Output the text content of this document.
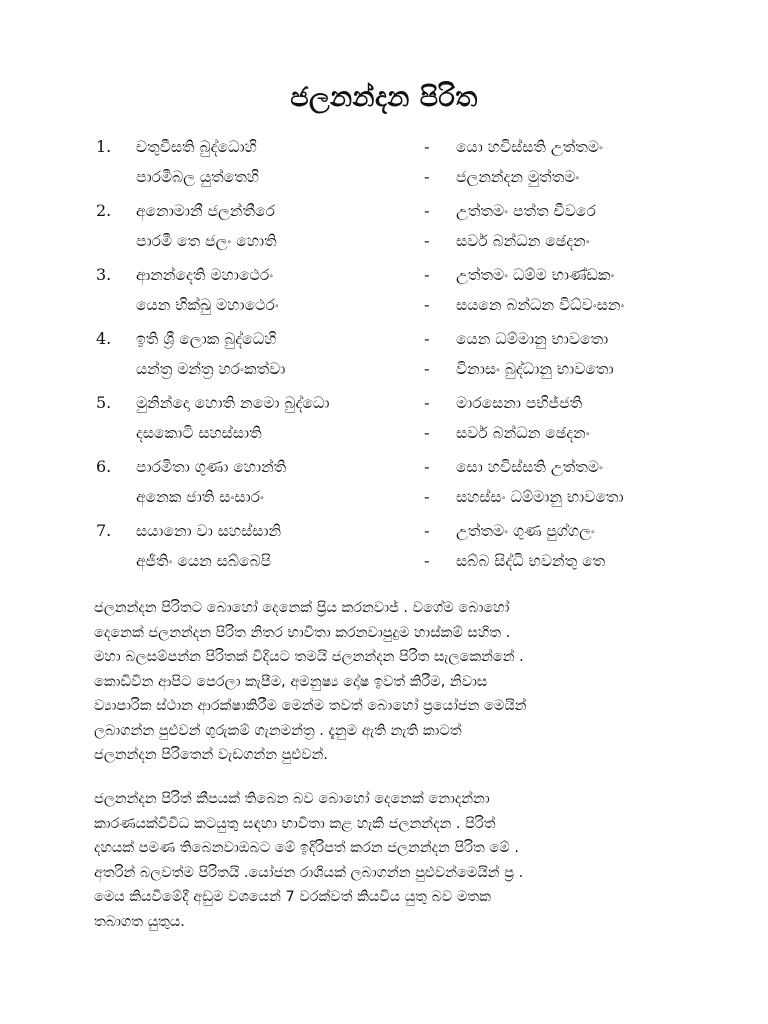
ජලනන්දන පිරිත
1.	චතුවීසති බුද්ධොහි	-	යො හවිස්සති උත්තමං
පාරමීබල යුත්තෙහි	-	ජලනන්දන මුත්තමං
2.	අනොමානී ජලන්තීරෙ	-	උත්තමං පත්ත චීවරෙ
පාරමී තෙ ජලං හොති	-	සර්ව බන්ධන ඡෙදනං
3.	ආනන්දෙති මහාථෙරං	-	උත්තමං ධම්ම භාණ්ඩකං
යෙන භික්ඛු මහාථෙරං	-	සයනෙ බන්ධන විධ්වංසනං
4.	ඉති ශ්‍රී ලොක බුද්ධෙහි	-	යෙන ධම්මානු භාවතො
යන්ත්‍ර මන්ත්‍ර හරංකත්වා	-	විනාසං බුද්ධානු භාවතො
5.	මුනින්දො හොති නමො බුද්ධො	-	මාරසෙනා පභිජ්ජති
දසකොටි සහස්සාති	-	සර්ව බන්ධන ඡෙදනං
6.	පාරමිතා ගුණා හොන්ති	-	සො හවිස්සති උත්තමං
අනෙක ජාති සංසාරං	-	සහස්සං ධම්මානු භාවතො
7.	සයානො වා සහස්සානි	-	උත්තමං ගුණ පුග්ගලං
අජීතිං යෙන සබ්බෙපි	-	සබ්බ සිද්ධි භවන්තු තෙ
ජලනන්දන පිරිතට බොහෝ දෙනෙක් ප්‍රිය කරනවාජ් . වගේම බොහෝ
දෙනෙක් ජලනන්දන පිරිත නිතර භාවිතා කරනවාපුදුම හාස්කම් සහිත .
මහා බලසම්පන්න පිරිතක් විදියට තමයි ජලනන්දන පිරිත සැලකෙන්නේ .
කොඩිවින ආපිට පෙරලා කැපීම, අමනුෂ්‍ය දෝෂ ඉවත් කිරීම, නිවාස
ව්‍යාපාරික ස්ථාන ආරක්ෂාකිරීම මෙන්ම තවත් බොහෝ ප්‍රයෝජන මෙයින්
ලබාගන්න පුළුවන් ගුරුකම් ගැනමන්ත්‍ර . දැනුම ඇති නැති කාටත්
ජලනන්දන පිරිතෙන් වැඩගන්න පුළුවන්.
ජලනන්දන පිරිත් කීපයක් තිබෙන බව බොහෝ දෙනෙක් නොදන්නා
කාරණයක්විවිධ කටයුතු සඳහා භාවිතා කළ හැකි ජලනන්දන . පිරිත්
දහයක් පමණ තිබෙනවාඔබට මේ ඉදිරිපත් කරන ජලනන්දන පිරිත මේ .
අතරින් බලවත්ම පිරිතයි .යෝජන රාශියක් ලබාගන්න පුළුවන්මෙයින් ප්‍ර .
මෙය කියවීමේදී අඩුම වශයෙන් 7 වරක්වත් කියවිය යුතු බව මතක
තබාගත යුතුය.
